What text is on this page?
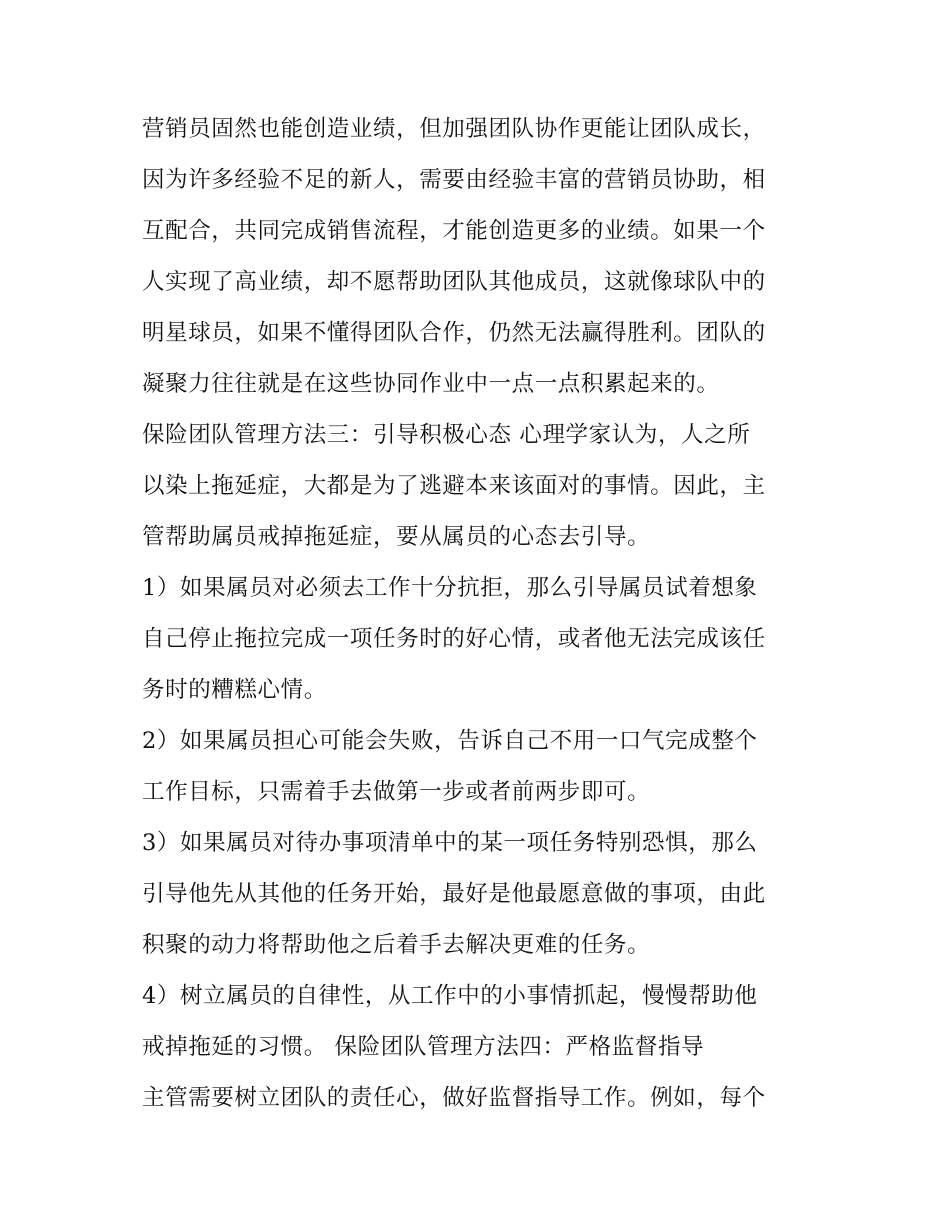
营销员固然也能创造业绩，但加强团队协作更能让团队成长，
因为许多经验不足的新人，需要由经验丰富的营销员协助，相
互配合，共同完成销售流程，才能创造更多的业绩。如果一个
人实现了高业绩，却不愿帮助团队其他成员，这就像球队中的
明星球员，如果不懂得团队合作，仍然无法赢得胜利。团队的
凝聚力往往就是在这些协同作业中一点一点积累起来的。
保险团队管理方法三：引导积极心态 心理学家认为，人之所
以染上拖延症，大都是为了逃避本来该面对的事情。因此，主
管帮助属员戒掉拖延症，要从属员的心态去引导。
1）如果属员对必须去工作十分抗拒，那么引导属员试着想象
自己停止拖拉完成一项任务时的好心情，或者他无法完成该任
务时的糟糕心情。
2）如果属员担心可能会失败，告诉自己不用一口气完成整个
工作目标，只需着手去做第一步或者前两步即可。
3）如果属员对待办事项清单中的某一项任务特别恐惧，那么
引导他先从其他的任务开始，最好是他最愿意做的事项，由此
积聚的动力将帮助他之后着手去解决更难的任务。
4）树立属员的自律性，从工作中的小事情抓起，慢慢帮助他
戒掉拖延的习惯。 保险团队管理方法四：严格监督指导
主管需要树立团队的责任心，做好监督指导工作。例如，每个
